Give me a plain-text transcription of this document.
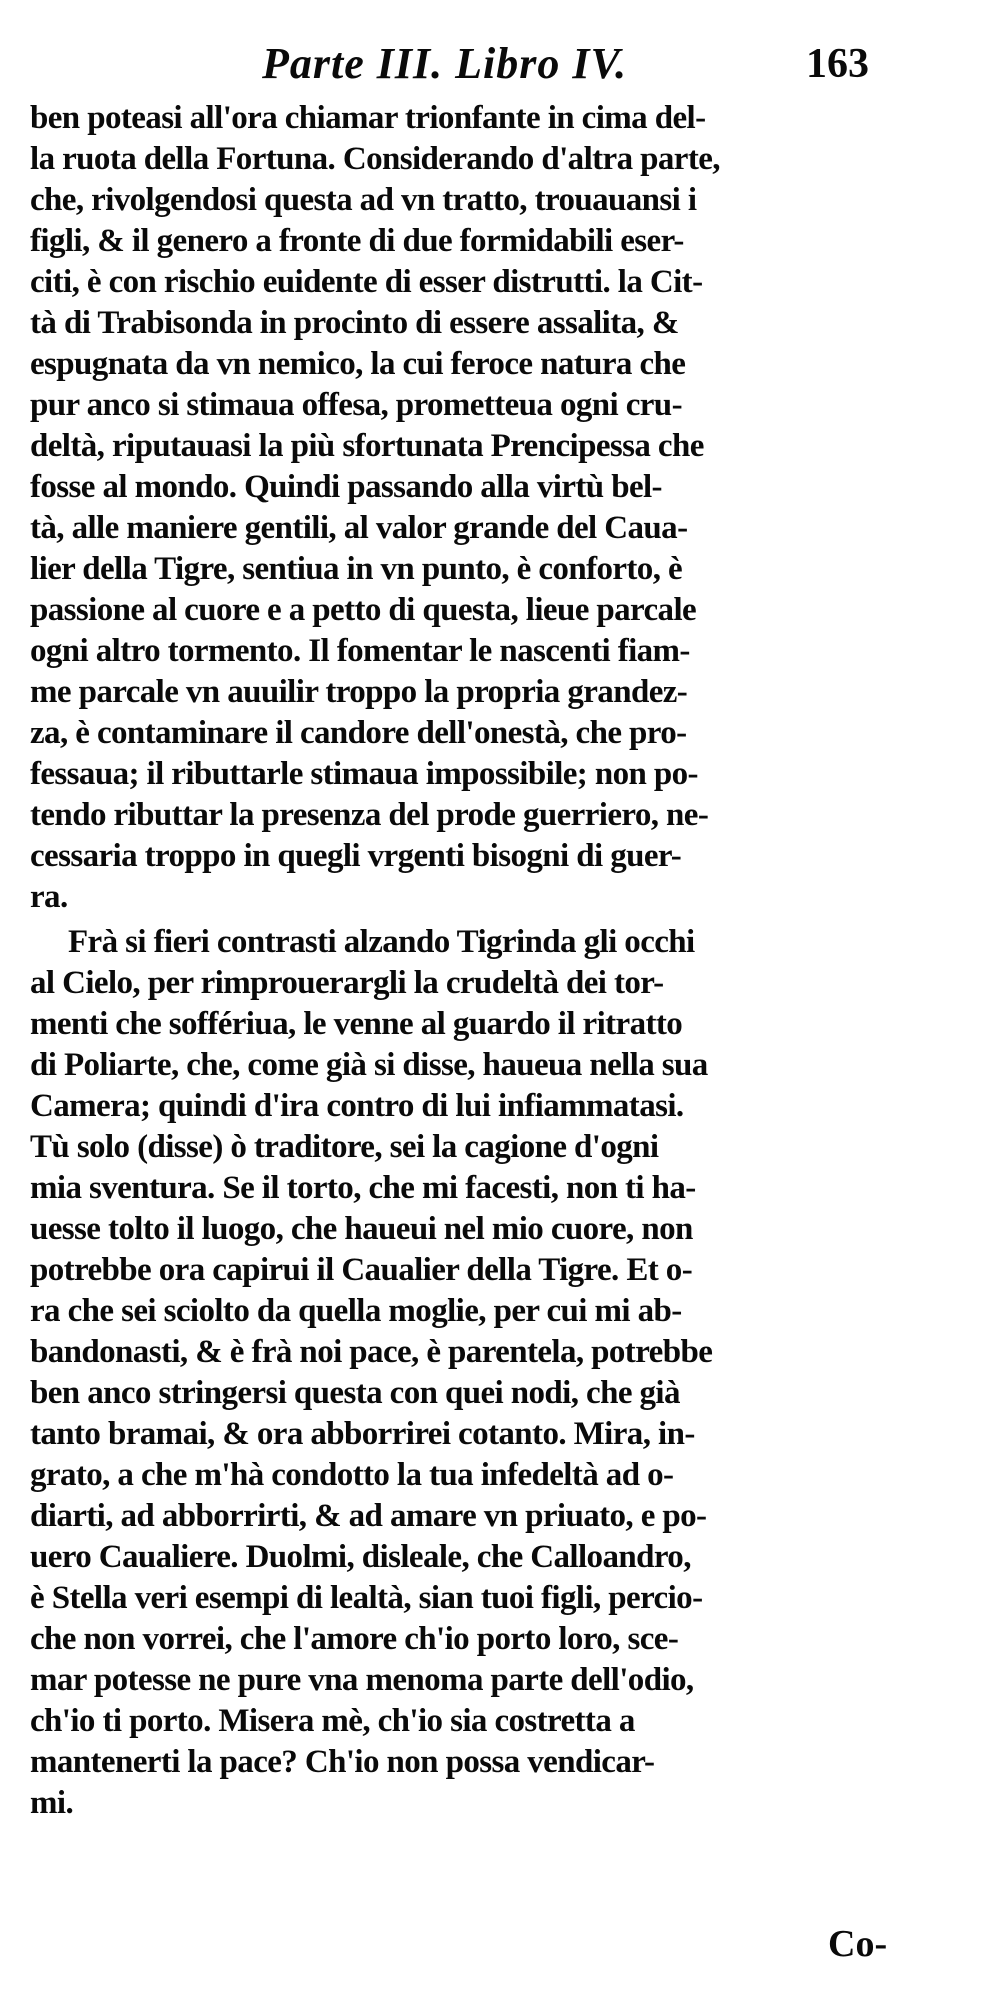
Parte III. Libro IV.	163
ben poteasi all'ora chiamar trionfante in cima del-
la ruota della Fortuna. Considerando d'altra parte,
che, rivolgendosi questa ad vn tratto, trouauansi i
figli, & il genero a fronte di due formidabili eser-
citi, è con rischio euidente di esser distrutti. la Cit-
tà di Trabisonda in procinto di essere assalita, &
espugnata da vn nemico, la cui feroce natura che
pur anco si stimaua offesa, prometteua ogni cru-
deltà, riputauasi la più sfortunata Prencipessa che
fosse al mondo. Quindi passando alla virtù bel-
tà, alle maniere gentili, al valor grande del Caua-
lier della Tigre, sentiua in vn punto, è conforto, è
passione al cuore e a petto di questa, lieue parcale
ogni altro tormento. Il fomentar le nascenti fiam-
me parcale vn auuilir troppo la propria grandez-
za, è contaminare il candore dell'onestà, che pro-
fessaua; il ributtarle stimaua impossibile; non po-
tendo ributtar la presenza del prode guerriero, ne-
cessaria troppo in quegli vrgenti bisogni di guer-
ra.
Frà si fieri contrasti alzando Tigrinda gli occhi
al Cielo, per rimprouerargli la crudeltà dei tor-
menti che soffériua, le venne al guardo il ritratto
di Poliarte, che, come già si disse, haueua nella sua
Camera; quindi d'ira contro di lui infiammatasi.
Tù solo (disse) ò traditore, sei la cagione d'ogni
mia sventura. Se il torto, che mi facesti, non ti ha-
uesse tolto il luogo, che haueui nel mio cuore, non
potrebbe ora capirui il Caualier della Tigre. Et o-
ra che sei sciolto da quella moglie, per cui mi ab-
bandonasti, & è frà noi pace, è parentela, potrebbe
ben anco stringersi questa con quei nodi, che già
tanto bramai, & ora abborrirei cotanto. Mira, in-
grato, a che m'hà condotto la tua infedeltà ad o-
diarti, ad abborrirti, & ad amare vn priuato, e po-
uero Caualiere. Duolmi, disleale, che Calloandro,
è Stella veri esempi di lealtà, sian tuoi figli, percio-
che non vorrei, che l'amore ch'io porto loro, sce-
mar potesse ne pure vna menoma parte dell'odio,
ch'io ti porto. Misera mè, ch'io sia costretta a
mantenerti la pace? Ch'io non possa vendicar-
mi.
Co-
